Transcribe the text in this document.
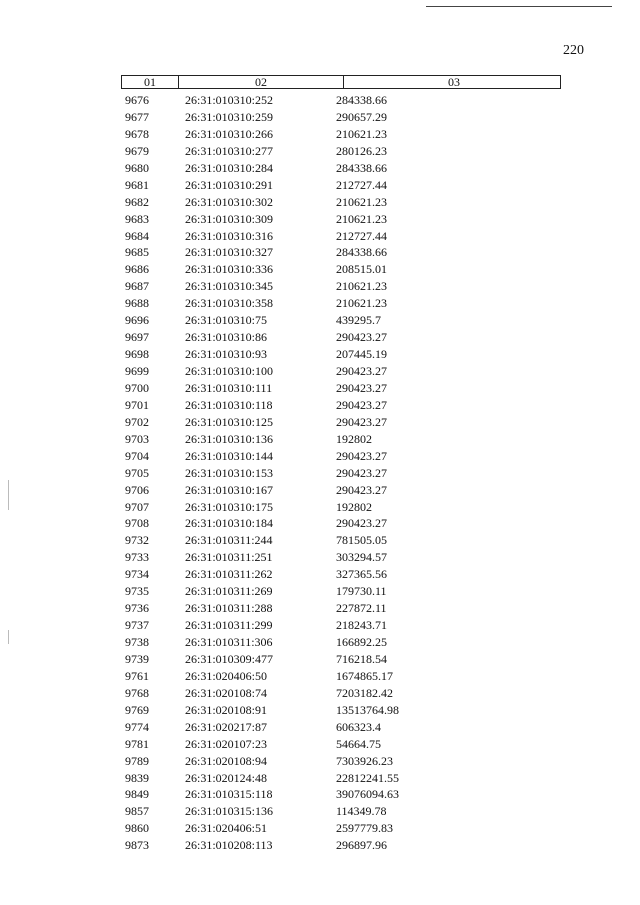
220
01	02	03
9676	26:31:010310:252	284338.66
9677	26:31:010310:259	290657.29
9678	26:31:010310:266	210621.23
9679	26:31:010310:277	280126.23
9680	26:31:010310:284	284338.66
9681	26:31:010310:291	212727.44
9682	26:31:010310:302	210621.23
9683	26:31:010310:309	210621.23
9684	26:31:010310:316	212727.44
9685	26:31:010310:327	284338.66
9686	26:31:010310:336	208515.01
9687	26:31:010310:345	210621.23
9688	26:31:010310:358	210621.23
9696	26:31:010310:75	439295.7
9697	26:31:010310:86	290423.27
9698	26:31:010310:93	207445.19
9699	26:31:010310:100	290423.27
9700	26:31:010310:111	290423.27
9701	26:31:010310:118	290423.27
9702	26:31:010310:125	290423.27
9703	26:31:010310:136	192802
9704	26:31:010310:144	290423.27
9705	26:31:010310:153	290423.27
9706	26:31:010310:167	290423.27
9707	26:31:010310:175	192802
9708	26:31:010310:184	290423.27
9732	26:31:010311:244	781505.05
9733	26:31:010311:251	303294.57
9734	26:31:010311:262	327365.56
9735	26:31:010311:269	179730.11
9736	26:31:010311:288	227872.11
9737	26:31:010311:299	218243.71
9738	26:31:010311:306	166892.25
9739	26:31:010309:477	716218.54
9761	26:31:020406:50	1674865.17
9768	26:31:020108:74	7203182.42
9769	26:31:020108:91	13513764.98
9774	26:31:020217:87	606323.4
9781	26:31:020107:23	54664.75
9789	26:31:020108:94	7303926.23
9839	26:31:020124:48	22812241.55
9849	26:31:010315:118	39076094.63
9857	26:31:010315:136	114349.78
9860	26:31:020406:51	2597779.83
9873	26:31:010208:113	296897.96
